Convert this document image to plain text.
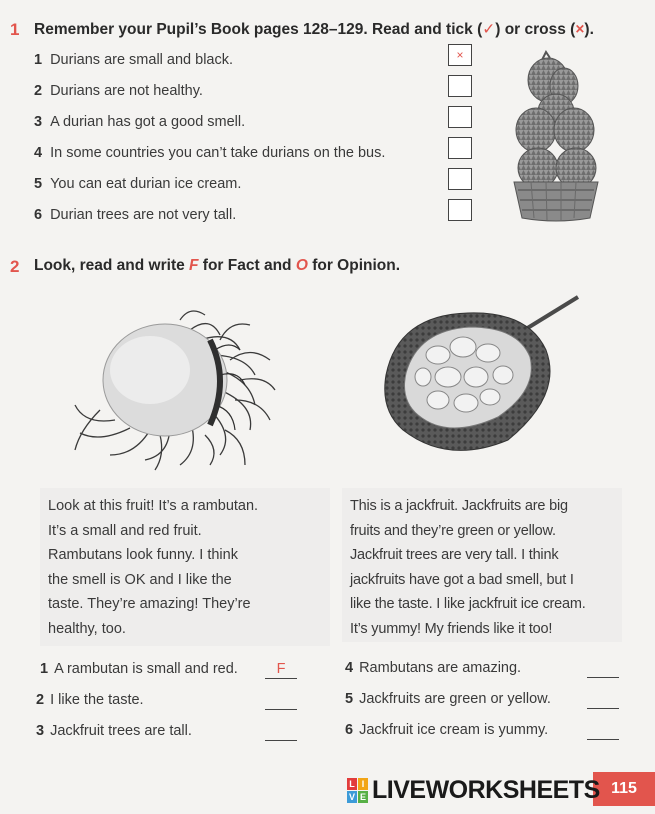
1 Remember your Pupil’s Book pages 128–129. Read and tick (✓) or cross (×).
1 Durians are small and black.
2 Durians are not healthy.
3 A durian has got a good smell.
4 In some countries you can’t take durians on the bus.
5 You can eat durian ice cream.
6 Durian trees are not very tall.
×
2 Look, read and write F for Fact and O for Opinion.
Look at this fruit! It’s a rambutan.
It’s a small and red fruit.
Rambutans look funny. I think
the smell is OK and I like the
taste. They’re amazing! They’re
healthy, too.
This is a jackfruit. Jackfruits are big
fruits and they’re green or yellow.
Jackfruit trees are very tall. I think
jackfruits have got a bad smell, but I
like the taste. I like jackfruit ice cream.
It’s yummy! My friends like it too!
1 A rambutan is small and red.	F
2 I like the taste.
3 Jackfruit trees are tall.
4 Rambutans are amazing.
5 Jackfruits are green or yellow.
6 Jackfruit ice cream is yummy.
115
L I
V E LIVEWORKSHEETS
